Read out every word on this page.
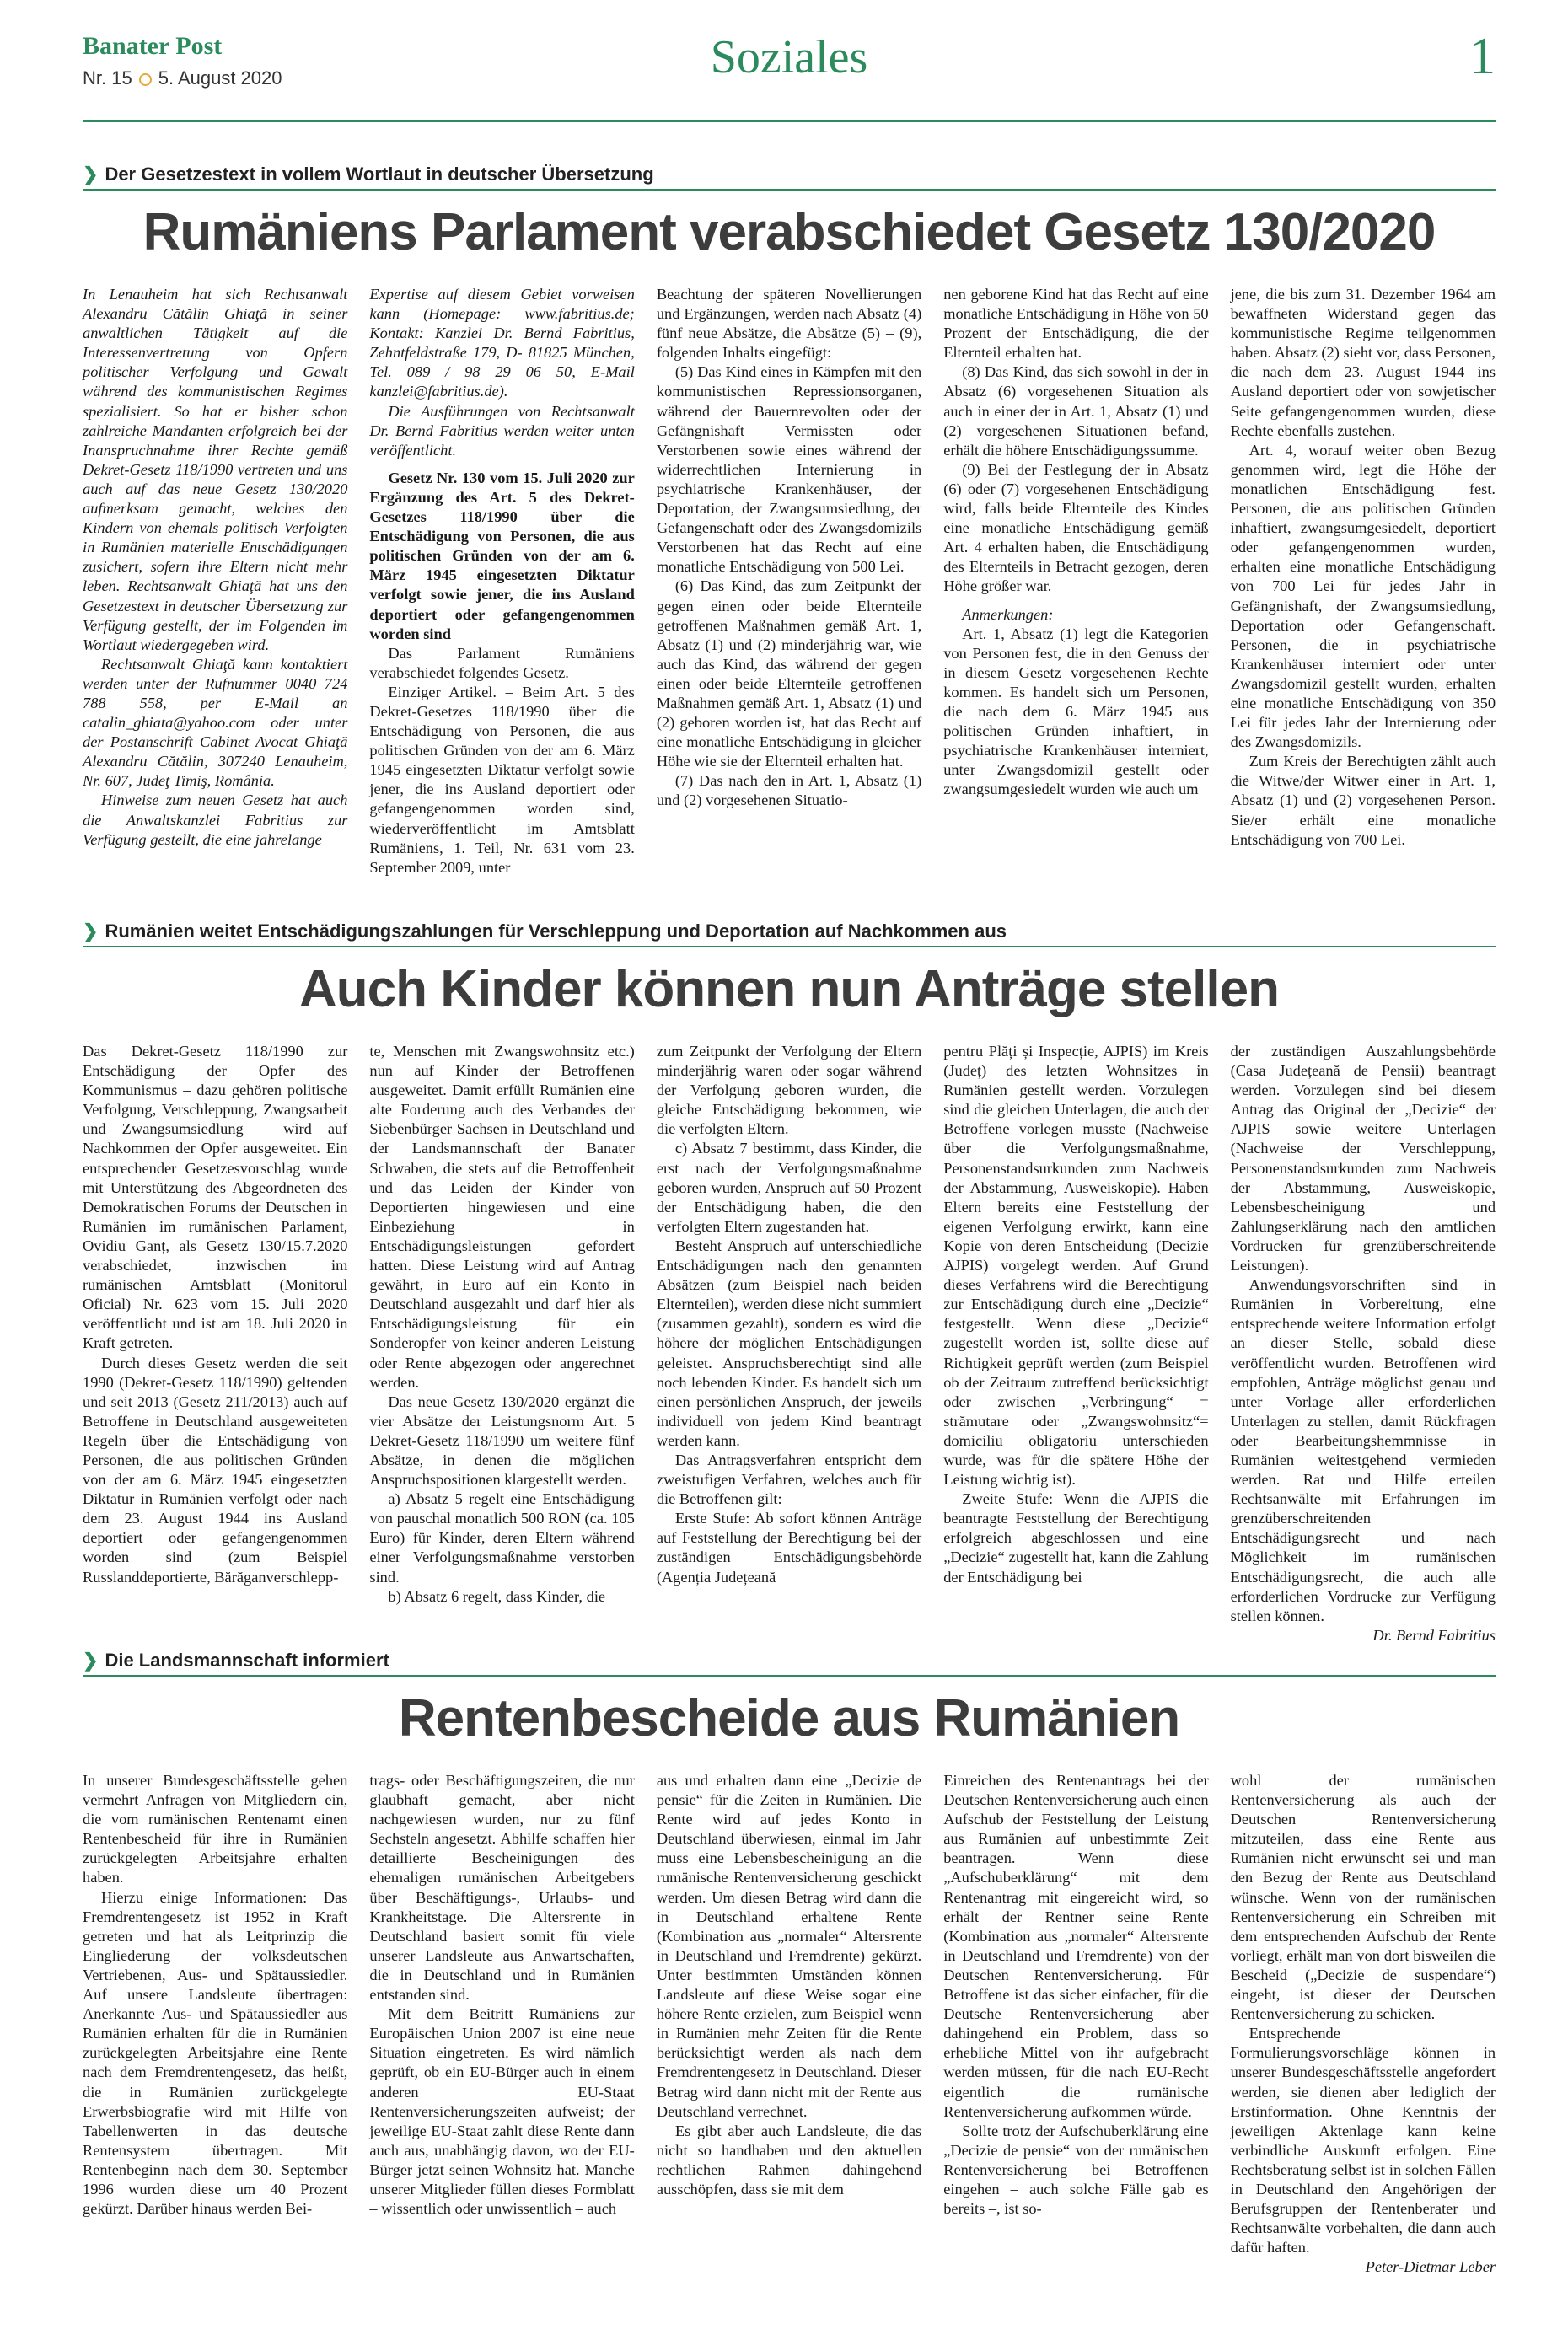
Banater Post
Nr. 15 5. August 2020	Soziales	1
❯ Der Gesetzestext in vollem Wortlaut in deutscher Übersetzung
Rumäniens Parlament verabschiedet Gesetz 130/2020

In Lenauheim hat sich Rechtsanwalt Alexandru Cătălin Ghiaţă in seiner anwaltlichen Tätigkeit auf die Interessenvertretung von Opfern politischer Verfolgung und Gewalt während des kommunistischen Regimes spezialisiert. So hat er bisher schon zahlreiche Mandanten erfolgreich bei der Inanspruchnahme ihrer Rechte gemäß Dekret-Gesetz 118/1990 vertreten und uns auch auf das neue Gesetz 130/2020 aufmerksam gemacht, welches den Kindern von ehemals politisch Verfolgten in Rumänien materielle Entschädigungen zusichert, sofern ihre Eltern nicht mehr leben. Rechtsanwalt Ghiaţă hat uns den Gesetzestext in deutscher Übersetzung zur Verfügung gestellt, der im Folgenden im Wortlaut wiedergegeben wird.

Rechtsanwalt Ghiaţă kann kontaktiert werden unter der Rufnummer 0040 724 788 558, per E-Mail an catalin_ghiata@yahoo.com oder unter der Postanschrift Cabinet Avocat Ghiaţă Alexandru Cătălin, 307240 Lenauheim, Nr. 607, Judeţ Timiş, România.

Hinweise zum neuen Gesetz hat auch die Anwaltskanzlei Fabritius zur Verfügung gestellt, die eine jahrelange

Expertise auf diesem Gebiet vorweisen kann (Homepage: www.fabritius.de; Kontakt: Kanzlei Dr. Bernd Fabritius, Zehntfeldstraße 179, D- 81825 München, Tel. 089 / 98 29 06 50, E-Mail kanzlei@fabritius.de).

Die Ausführungen von Rechtsanwalt Dr. Bernd Fabritius werden weiter unten veröffentlicht.

Gesetz Nr. 130 vom 15. Juli 2020 zur Ergänzung des Art. 5 des Dekret-Gesetzes 118/1990 über die Entschädigung von Personen, die aus politischen Gründen von der am 6. März 1945 eingesetzten Diktatur verfolgt sowie jener, die ins Ausland deportiert oder gefangengenommen worden sind

Das Parlament Rumäniens verabschiedet folgendes Gesetz.

Einziger Artikel. – Beim Art. 5 des Dekret-Gesetzes 118/1990 über die Entschädigung von Personen, die aus politischen Gründen von der am 6. März 1945 eingesetzten Diktatur verfolgt sowie jener, die ins Ausland deportiert oder gefangengenommen worden sind, wiederveröffentlicht im Amtsblatt Rumäniens, 1. Teil, Nr. 631 vom 23. September 2009, unter

Beachtung der späteren Novellierungen und Ergänzungen, werden nach Absatz (4) fünf neue Absätze, die Absätze (5) – (9), folgenden Inhalts eingefügt:

(5) Das Kind eines in Kämpfen mit den kommunistischen Repressionsorganen, während der Bauernrevolten oder der Gefängnishaft Vermissten oder Verstorbenen sowie eines während der widerrechtlichen Internierung in psychiatrische Krankenhäuser, der Deportation, der Zwangsumsiedlung, der Gefangenschaft oder des Zwangsdomizils Verstorbenen hat das Recht auf eine monatliche Entschädigung von 500 Lei.

(6) Das Kind, das zum Zeitpunkt der gegen einen oder beide Elternteile getroffenen Maßnahmen gemäß Art. 1, Absatz (1) und (2) minderjährig war, wie auch das Kind, das während der gegen einen oder beide Elternteile getroffenen Maßnahmen gemäß Art. 1, Absatz (1) und (2) geboren worden ist, hat das Recht auf eine monatliche Entschädigung in gleicher Höhe wie sie der Elternteil erhalten hat.

(7) Das nach den in Art. 1, Absatz (1) und (2) vorgesehenen Situatio-

nen geborene Kind hat das Recht auf eine monatliche Entschädigung in Höhe von 50 Prozent der Entschädigung, die der Elternteil erhalten hat.

(8) Das Kind, das sich sowohl in der in Absatz (6) vorgesehenen Situation als auch in einer der in Art. 1, Absatz (1) und (2) vorgesehenen Situationen befand, erhält die höhere Entschädigungssumme.

(9) Bei der Festlegung der in Absatz (6) oder (7) vorgesehenen Entschädigung wird, falls beide Elternteile des Kindes eine monatliche Entschädigung gemäß Art. 4 erhalten haben, die Entschädigung des Elternteils in Betracht gezogen, deren Höhe größer war.

Anmerkungen:

Art. 1, Absatz (1) legt die Kategorien von Personen fest, die in den Genuss der in diesem Gesetz vorgesehenen Rechte kommen. Es handelt sich um Personen, die nach dem 6. März 1945 aus politischen Gründen inhaftiert, in psychiatrische Krankenhäuser interniert, unter Zwangsdomizil gestellt oder zwangsumgesiedelt wurden wie auch um

jene, die bis zum 31. Dezember 1964 am bewaffneten Widerstand gegen das kommunistische Regime teilgenommen haben. Absatz (2) sieht vor, dass Personen, die nach dem 23. August 1944 ins Ausland deportiert oder von sowjetischer Seite gefangengenommen wurden, diese Rechte ebenfalls zustehen.

Art. 4, worauf weiter oben Bezug genommen wird, legt die Höhe der monatlichen Entschädigung fest. Personen, die aus politischen Gründen inhaftiert, zwangsumgesiedelt, deportiert oder gefangengenommen wurden, erhalten eine monatliche Entschädigung von 700 Lei für jedes Jahr in Gefängnishaft, der Zwangsumsiedlung, Deportation oder Gefangenschaft. Personen, die in psychiatrische Krankenhäuser interniert oder unter Zwangsdomizil gestellt wurden, erhalten eine monatliche Entschädigung von 350 Lei für jedes Jahr der Internierung oder des Zwangsdomizils.

Zum Kreis der Berechtigten zählt auch die Witwe/der Witwer einer in Art. 1, Absatz (1) und (2) vorgesehenen Person. Sie/er erhält eine monatliche Entschädigung von 700 Lei.

❯ Rumänien weitet Entschädigungszahlungen für Verschleppung und Deportation auf Nachkommen aus
Auch Kinder können nun Anträge stellen

Das Dekret-Gesetz 118/1990 zur Entschädigung der Opfer des Kommunismus – dazu gehören politische Verfolgung, Verschleppung, Zwangsarbeit und Zwangsumsiedlung – wird auf Nachkommen der Opfer ausgeweitet. Ein entsprechender Gesetzesvorschlag wurde mit Unterstützung des Abgeordneten des Demokratischen Forums der Deutschen in Rumänien im rumänischen Parlament, Ovidiu Ganț, als Gesetz 130/15.7.2020 verabschiedet, inzwischen im rumänischen Amtsblatt (Monitorul Oficial) Nr. 623 vom 15. Juli 2020 veröffentlicht und ist am 18. Juli 2020 in Kraft getreten.

Durch dieses Gesetz werden die seit 1990 (Dekret-Gesetz 118/1990) geltenden und seit 2013 (Gesetz 211/2013) auch auf Betroffene in Deutschland ausgeweiteten Regeln über die Entschädigung von Personen, die aus politischen Gründen von der am 6. März 1945 eingesetzten Diktatur in Rumänien verfolgt oder nach dem 23. August 1944 ins Ausland deportiert oder gefangengenommen worden sind (zum Beispiel Russlanddeportierte, Bărăganverschlepp-

te, Menschen mit Zwangswohnsitz etc.) nun auf Kinder der Betroffenen ausgeweitet. Damit erfüllt Rumänien eine alte Forderung auch des Verbandes der Siebenbürger Sachsen in Deutschland und der Landsmannschaft der Banater Schwaben, die stets auf die Betroffenheit und das Leiden der Kinder von Deportierten hingewiesen und eine Einbeziehung in Entschädigungsleistungen gefordert hatten. Diese Leistung wird auf Antrag gewährt, in Euro auf ein Konto in Deutschland ausgezahlt und darf hier als Entschädigungsleistung für ein Sonderopfer von keiner anderen Leistung oder Rente abgezogen oder angerechnet werden.

Das neue Gesetz 130/2020 ergänzt die vier Absätze der Leistungsnorm Art. 5 Dekret-Gesetz 118/1990 um weitere fünf Absätze, in denen die möglichen Anspruchspositionen klargestellt werden.

a) Absatz 5 regelt eine Entschädigung von pauschal monatlich 500 RON (ca. 105 Euro) für Kinder, deren Eltern während einer Verfolgungsmaßnahme verstorben sind.

b) Absatz 6 regelt, dass Kinder, die

zum Zeitpunkt der Verfolgung der Eltern minderjährig waren oder sogar während der Verfolgung geboren wurden, die gleiche Entschädigung bekommen, wie die verfolgten Eltern.

c) Absatz 7 bestimmt, dass Kinder, die erst nach der Verfolgungsmaßnahme geboren wurden, Anspruch auf 50 Prozent der Entschädigung haben, die den verfolgten Eltern zugestanden hat.

Besteht Anspruch auf unterschiedliche Entschädigungen nach den genannten Absätzen (zum Beispiel nach beiden Elternteilen), werden diese nicht summiert (zusammen gezahlt), sondern es wird die höhere der möglichen Entschädigungen geleistet. Anspruchsberechtigt sind alle noch lebenden Kinder. Es handelt sich um einen persönlichen Anspruch, der jeweils individuell von jedem Kind beantragt werden kann.

Das Antragsverfahren entspricht dem zweistufigen Verfahren, welches auch für die Betroffenen gilt:

Erste Stufe: Ab sofort können Anträge auf Feststellung der Berechtigung bei der zuständigen Entschädigungsbehörde (Agenția Județeană

pentru Plăți și Inspecție, AJPIS) im Kreis (Județ) des letzten Wohnsitzes in Rumänien gestellt werden. Vorzulegen sind die gleichen Unterlagen, die auch der Betroffene vorlegen musste (Nachweise über die Verfolgungsmaßnahme, Personenstandsurkunden zum Nachweis der Abstammung, Ausweiskopie). Haben Eltern bereits eine Feststellung der eigenen Verfolgung erwirkt, kann eine Kopie von deren Entscheidung (Decizie AJPIS) vorgelegt werden. Auf Grund dieses Verfahrens wird die Berechtigung zur Entschädigung durch eine „Decizie“ festgestellt. Wenn diese „Decizie“ zugestellt worden ist, sollte diese auf Richtigkeit geprüft werden (zum Beispiel ob der Zeitraum zutreffend berücksichtigt oder zwischen „Verbringung“ = strămutare oder „Zwangswohnsitz“= domiciliu obligatoriu unterschieden wurde, was für die spätere Höhe der Leistung wichtig ist).

Zweite Stufe: Wenn die AJPIS die beantragte Feststellung der Berechtigung erfolgreich abgeschlossen und eine „Decizie“ zugestellt hat, kann die Zahlung der Entschädigung bei

der zuständigen Auszahlungsbehörde (Casa Județeană de Pensii) beantragt werden. Vorzulegen sind bei diesem Antrag das Original der „Decizie“ der AJPIS sowie weitere Unterlagen (Nachweise der Verschleppung, Personenstandsurkunden zum Nachweis der Abstammung, Ausweiskopie, Lebensbescheinigung und Zahlungserklärung nach den amtlichen Vordrucken für grenzüberschreitende Leistungen).

Anwendungsvorschriften sind in Rumänien in Vorbereitung, eine entsprechende weitere Information erfolgt an dieser Stelle, sobald diese veröffentlicht wurden. Betroffenen wird empfohlen, Anträge möglichst genau und unter Vorlage aller erforderlichen Unterlagen zu stellen, damit Rückfragen oder Bearbeitungshemmnisse in Rumänien weitestgehend vermieden werden. Rat und Hilfe erteilen Rechtsanwälte mit Erfahrungen im grenzüberschreitenden Entschädigungsrecht und nach Möglichkeit im rumänischen Entschädigungsrecht, die auch alle erforderlichen Vordrucke zur Verfügung stellen können.

Dr. Bernd Fabritius

❯ Die Landsmannschaft informiert
Rentenbescheide aus Rumänien

In unserer Bundesgeschäftsstelle gehen vermehrt Anfragen von Mitgliedern ein, die vom rumänischen Rentenamt einen Rentenbescheid für ihre in Rumänien zurückgelegten Arbeitsjahre erhalten haben.

Hierzu einige Informationen: Das Fremdrentengesetz ist 1952 in Kraft getreten und hat als Leitprinzip die Eingliederung der volksdeutschen Vertriebenen, Aus- und Spätaussiedler. Auf unsere Landsleute übertragen: Anerkannte Aus- und Spätaussiedler aus Rumänien erhalten für die in Rumänien zurückgelegten Arbeitsjahre eine Rente nach dem Fremdrentengesetz, das heißt, die in Rumänien zurückgelegte Erwerbsbiografie wird mit Hilfe von Tabellenwerten in das deutsche Rentensystem übertragen. Mit Rentenbeginn nach dem 30. September 1996 wurden diese um 40 Prozent gekürzt. Darüber hinaus werden Bei-

trags- oder Beschäftigungszeiten, die nur glaubhaft gemacht, aber nicht nachgewiesen wurden, nur zu fünf Sechsteln angesetzt. Abhilfe schaffen hier detaillierte Bescheinigungen des ehemaligen rumänischen Arbeitgebers über Beschäftigungs-, Urlaubs- und Krankheitstage. Die Altersrente in Deutschland basiert somit für viele unserer Landsleute aus Anwartschaften, die in Deutschland und in Rumänien entstanden sind.

Mit dem Beitritt Rumäniens zur Europäischen Union 2007 ist eine neue Situation eingetreten. Es wird nämlich geprüft, ob ein EU-Bürger auch in einem anderen EU-Staat Rentenversicherungszeiten aufweist; der jeweilige EU-Staat zahlt diese Rente dann auch aus, unabhängig davon, wo der EU-Bürger jetzt seinen Wohnsitz hat. Manche unserer Mitglieder füllen dieses Formblatt – wissentlich oder unwissentlich – auch

aus und erhalten dann eine „Decizie de pensie“ für die Zeiten in Rumänien. Die Rente wird auf jedes Konto in Deutschland überwiesen, einmal im Jahr muss eine Lebensbescheinigung an die rumänische Rentenversicherung geschickt werden. Um diesen Betrag wird dann die in Deutschland erhaltene Rente (Kombination aus „normaler“ Altersrente in Deutschland und Fremdrente) gekürzt. Unter bestimmten Umständen können Landsleute auf diese Weise sogar eine höhere Rente erzielen, zum Beispiel wenn in Rumänien mehr Zeiten für die Rente berücksichtigt werden als nach dem Fremdrentengesetz in Deutschland. Dieser Betrag wird dann nicht mit der Rente aus Deutschland verrechnet.

Es gibt aber auch Landsleute, die das nicht so handhaben und den aktuellen rechtlichen Rahmen dahingehend ausschöpfen, dass sie mit dem

Einreichen des Rentenantrags bei der Deutschen Rentenversicherung auch einen Aufschub der Feststellung der Leistung aus Rumänien auf unbestimmte Zeit beantragen. Wenn diese „Aufschuberklärung“ mit dem Rentenantrag mit eingereicht wird, so erhält der Rentner seine Rente (Kombination aus „normaler“ Altersrente in Deutschland und Fremdrente) von der Deutschen Rentenversicherung. Für Betroffene ist das sicher einfacher, für die Deutsche Rentenversicherung aber dahingehend ein Problem, dass so erhebliche Mittel von ihr aufgebracht werden müssen, für die nach EU-Recht eigentlich die rumänische Rentenversicherung aufkommen würde.

Sollte trotz der Aufschuberklärung eine „Decizie de pensie“ von der rumänischen Rentenversicherung bei Betroffenen eingehen – auch solche Fälle gab es bereits –, ist so-

wohl der rumänischen Rentenversicherung als auch der Deutschen Rentenversicherung mitzuteilen, dass eine Rente aus Rumänien nicht erwünscht sei und man den Bezug der Rente aus Deutschland wünsche. Wenn von der rumänischen Rentenversicherung ein Schreiben mit dem entsprechenden Aufschub der Rente vorliegt, erhält man von dort bisweilen die Bescheid („Decizie de suspendare“) eingeht, ist dieser der Deutschen Rentenversicherung zu schicken.

Entsprechende Formulierungsvorschläge können in unserer Bundesgeschäftsstelle angefordert werden, sie dienen aber lediglich der Erstinformation. Ohne Kenntnis der jeweiligen Aktenlage kann keine verbindliche Auskunft erfolgen. Eine Rechtsberatung selbst ist in solchen Fällen in Deutschland den Angehörigen der Berufsgruppen der Rentenberater und Rechtsanwälte vorbehalten, die dann auch dafür haften.

Peter-Dietmar Leber
